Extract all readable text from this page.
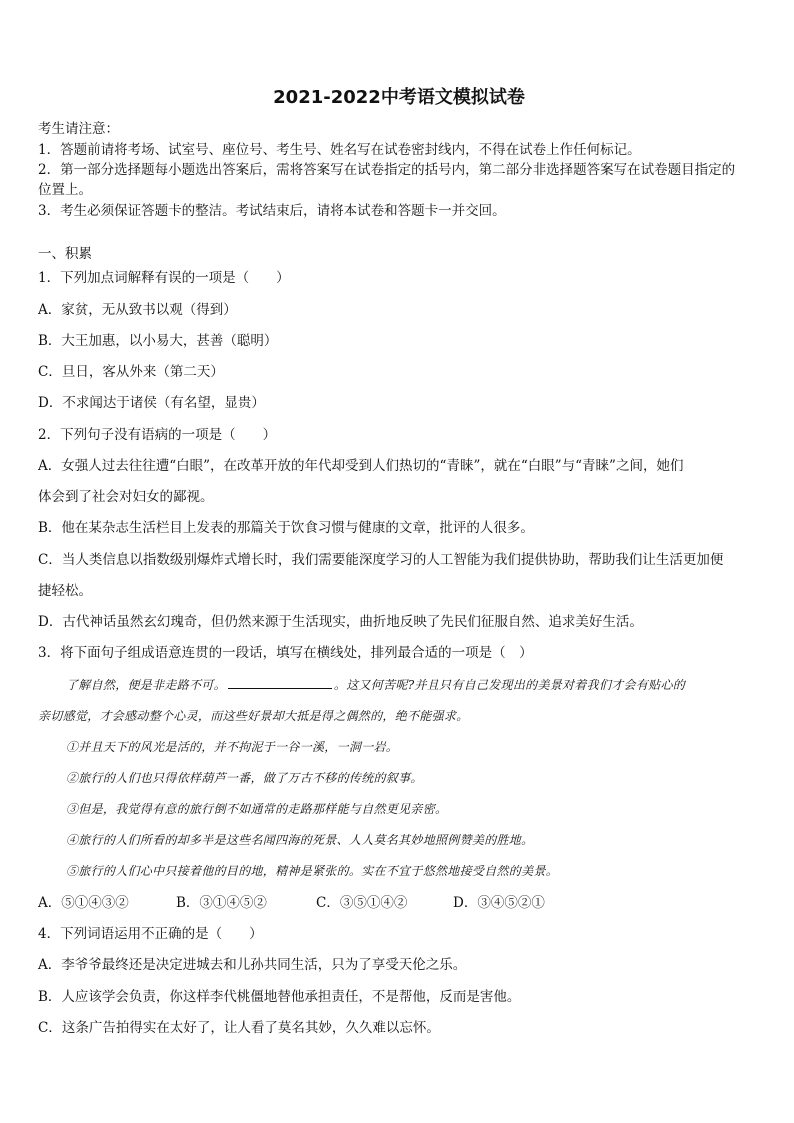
2021-2022中考语文模拟试卷
考生请注意：
1．答题前请将考场、试室号、座位号、考生号、姓名写在试卷密封线内，不得在试卷上作任何标记。
2．第一部分选择题每小题选出答案后，需将答案写在试卷指定的括号内，第二部分非选择题答案写在试卷题目指定的
位置上。
3．考生必须保证答题卡的整洁。考试结束后，请将本试卷和答题卡一并交回。
一、积累
1．下列加点词解释有误的一项是（　　）
A．家贫，无从致书以观（得到）
B．大王加惠，以小易大，甚善（聪明）
C．旦日，客从外来（第二天）
D．不求闻达于诸侯（有名望，显贵）
2．下列句子没有语病的一项是（　　）
A．女强人过去往往遭“白眼”，在改革开放的年代却受到人们热切的“青睐”，就在“白眼”与“青睐”之间，她们
体会到了社会对妇女的鄙视。
B．他在某杂志生活栏目上发表的那篇关于饮食习惯与健康的文章，批评的人很多。
C．当人类信息以指数级别爆炸式增长时，我们需要能深度学习的人工智能为我们提供协助，帮助我们让生活更加便
捷轻松。
D．古代神话虽然玄幻瑰奇，但仍然来源于生活现实，曲折地反映了先民们征服自然、追求美好生活。
3．将下面句子组成语意连贯的一段话，填写在横线处，排列最合适的一项是（　）
了解自然，便是非走路不可。	。这又何苦呢?并且只有自己发现出的美景对着我们才会有贴心的
亲切感觉，才会感动整个心灵，而这些好景却大抵是得之偶然的，绝不能强求。
①并且天下的风光是活的，并不拘泥于一谷一溪，一洞一岩。
②旅行的人们也只得依样葫芦一番，做了万古不移的传统的叙事。
③但是，我觉得有意的旅行倒不如通常的走路那样能与自然更见亲密。
④旅行的人们所看的却多半是这些名闻四海的死景、人人莫名其妙地照例赞美的胜地。
⑤旅行的人们心中只接着他的目的地，精神是紧张的。实在不宜于悠然地接受自然的美景。
A．⑤①④③②	B．③①④⑤②	C．③⑤①④②	D．③④⑤②①
4．下列词语运用不正确的是（　　）
A．李爷爷最终还是决定进城去和儿孙共同生活，只为了享受天伦之乐。
B．人应该学会负责，你这样李代桃僵地替他承担责任，不是帮他，反而是害他。
C．这条广告拍得实在太好了，让人看了莫名其妙，久久难以忘怀。
